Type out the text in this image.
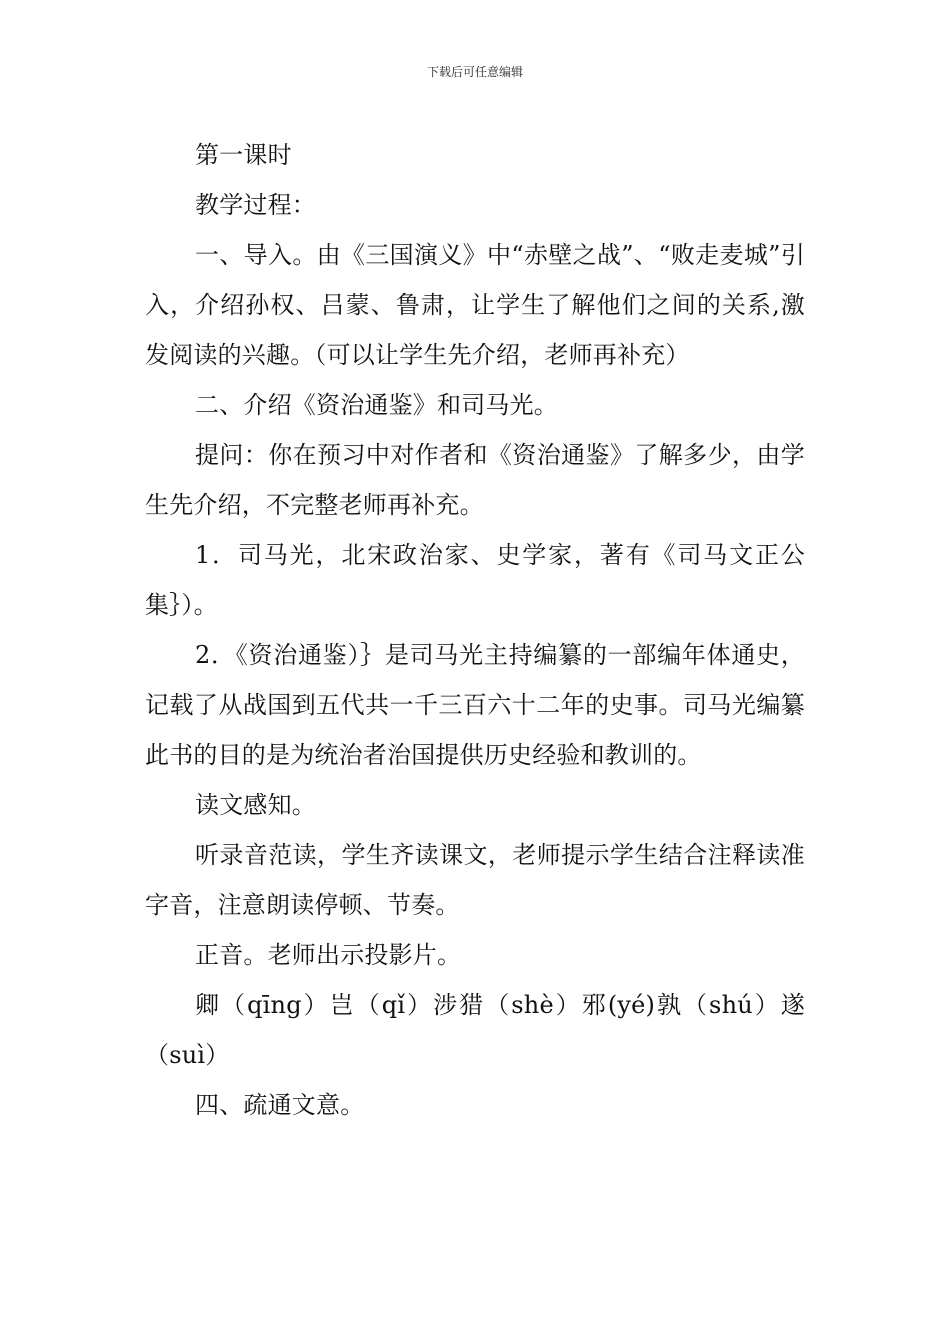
下载后可任意编辑

第一课时

教学过程：

一、导入。由《三国演义》中“赤壁之战”、“败走麦城”引入，介绍孙权、吕蒙、鲁肃，让学生了解他们之间的关系,激发阅读的兴趣。（可以让学生先介绍，老师再补充）

二、介绍《资治通鉴》和司马光。

提问：你在预习中对作者和《资治通鉴》了解多少，由学生先介绍，不完整老师再补充。

1．司马光，北宋政治家、史学家，著有《司马文正公集｝）。

2．《资治通鉴）｝是司马光主持编纂的一部编年体通史，记载了从战国到五代共一千三百六十二年的史事。司马光编纂此书的目的是为统治者治国提供历史经验和教训的。

读文感知。

听录音范读，学生齐读课文，老师提示学生结合注释读准字音，注意朗读停顿、节奏。

正音。老师出示投影片。

卿（qīng）岂（qǐ）涉猎（shè）邪(yé)孰（shú）遂（suì）

四、疏通文意。
